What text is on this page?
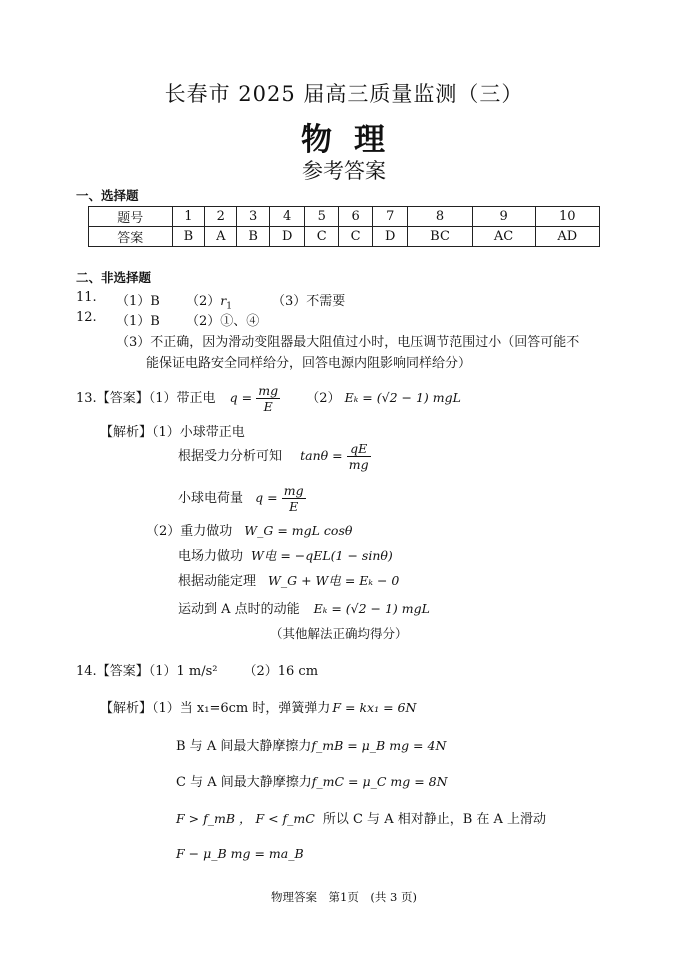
长春市 2025 届高三质量监测（三）
物理
参考答案
一、选择题
题号	1	2	3	4	5	6	7	8	9	10
答案	B	A	B	D	C	C	D	BC	AC	AD
二、非选择题
11. （1）B $(2)r_1$	（3）不需要
12. （1）B （2）①、④
（3）不正确，因为滑动变阻器最大阻值过小时，电压调节范围过小（回答可能不
能保证电路安全同样给分，回答电源内阻影响同样给分）
13.【答案】（1）带正电 $q = \frac{mg}{E} (2) E_k = (√2 - 1)$ mgL
【解析】（1）小球带正电
根据受力分析可知 $\tan\theta = \frac{qE}{mg}$
小球电荷量 $q = \frac{mg}{E}$
（2）重力做功 W_G = mgL cosθ
电场力做功 W电 = −qEL(1 − sinθ)
根据动能定理 W_G + W电 = Eₖ − 0
运动到 A 点时的动能 Eₖ = (√2 − 1) mgL
（其他解法正确均得分）
14.【答案】（1）1 m/s² （2）16 cm
【解析】（1）当 x₁=6cm 时，弹簧弹力 F = kx₁ = 6N
B 与 A 间最大静摩擦力f_mB = μ_B mg = 4N
C 与 A 间最大静摩擦力f_mC = μ_C mg = 8N
F > f_mB ， F < f_mC 所以 C 与 A 相对静止，B 在 A 上滑动
F − μ_B mg = ma_B
物理答案　第1页　(共 3 页)
